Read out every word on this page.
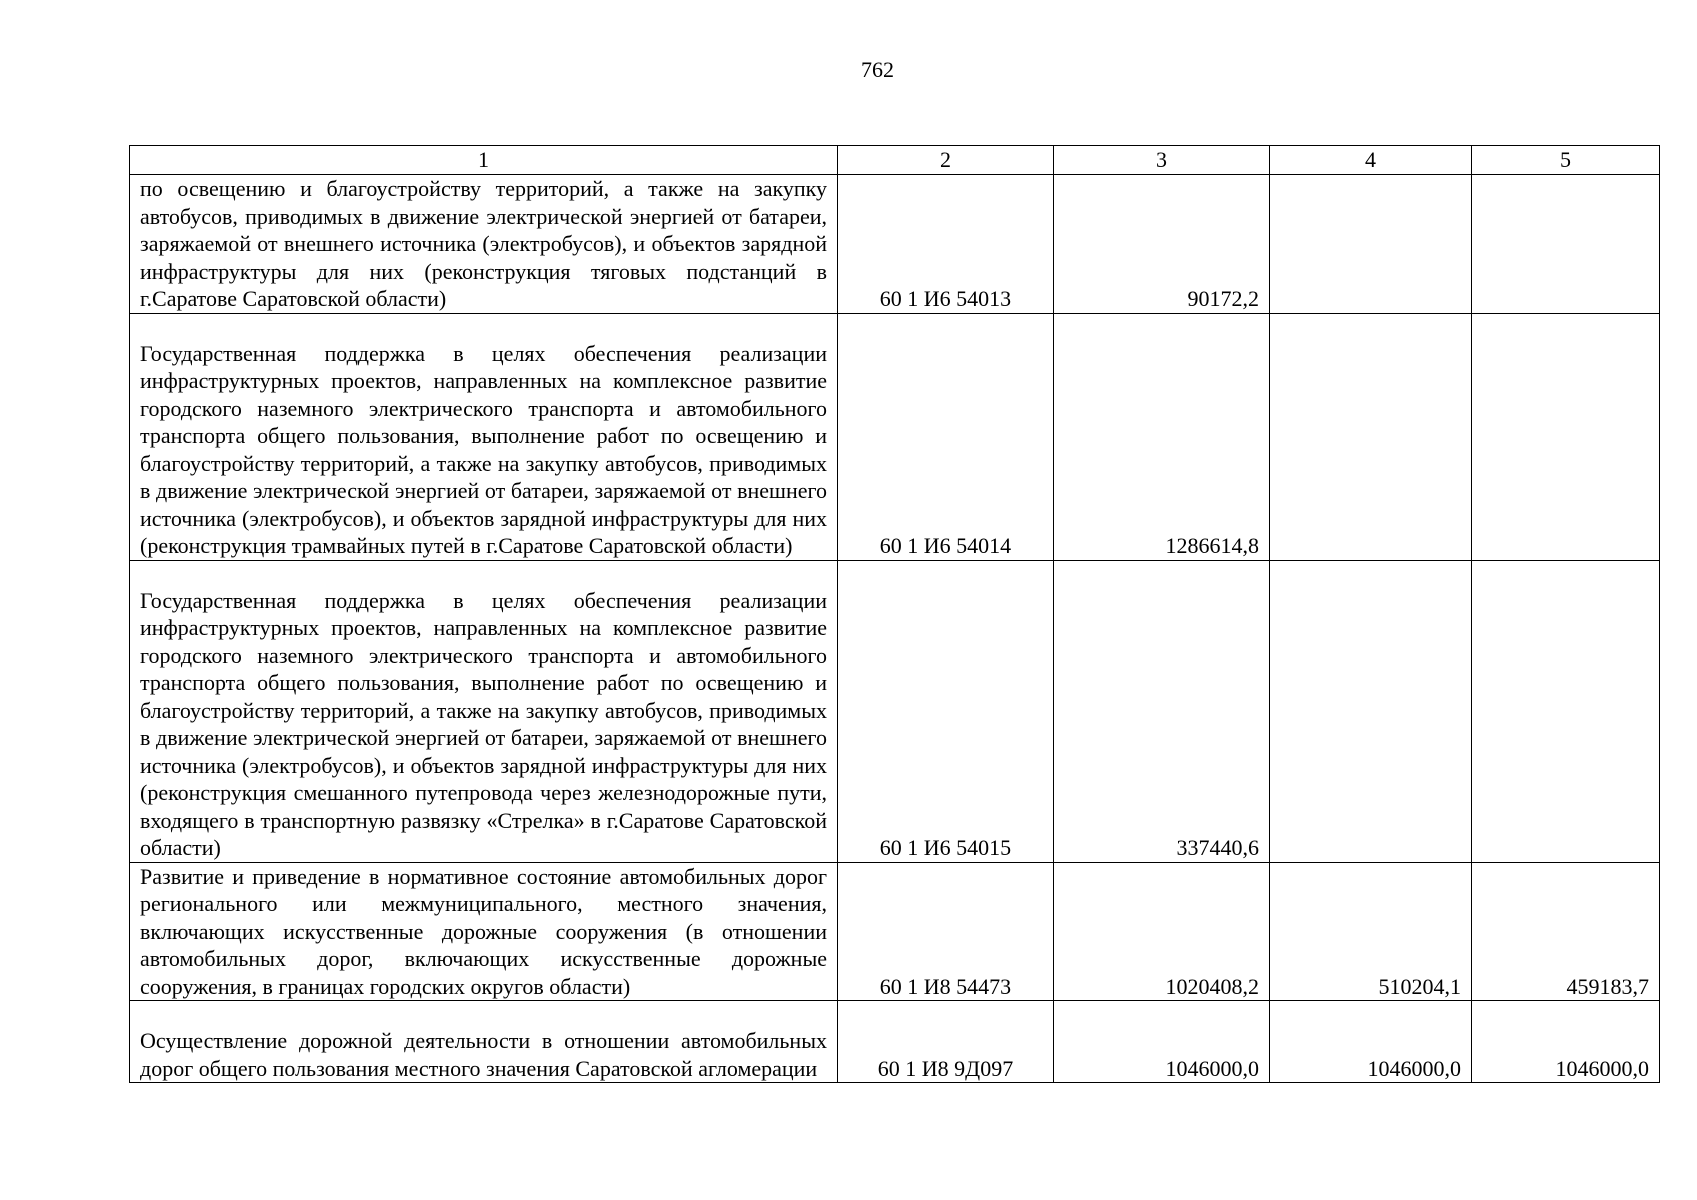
762
1	2	3	4	5
по освещению и благоустройству территорий, а также на закупку автобусов, приводимых в движение электрической энергией от батареи, заряжаемой от внешнего источника (электробусов), и объектов зарядной инфраструктуры для них (реконструкция тяговых подстанций в г.Саратове Саратовской области)	60 1 И6 54013	90172,2		
Государственная поддержка в целях обеспечения реализации инфраструктурных проектов, направленных на комплексное развитие городского наземного электрического транспорта и автомобильного транспорта общего пользования, выполнение работ по освещению и благоустройству территорий, а также на закупку автобусов, приводимых в движение электрической энергией от батареи, заряжаемой от внешнего источника (электробусов), и объектов зарядной инфраструктуры для них (реконструкция трамвайных путей в г.Саратове Саратовской области)	60 1 И6 54014	1286614,8		
Государственная поддержка в целях обеспечения реализации инфраструктурных проектов, направленных на комплексное развитие городского наземного электрического транспорта и автомобильного транспорта общего пользования, выполнение работ по освещению и благоустройству территорий, а также на закупку автобусов, приводимых в движение электрической энергией от батареи, заряжаемой от внешнего источника (электробусов), и объектов зарядной инфраструктуры для них (реконструкция смешанного путепровода через железнодорожные пути, входящего в транспортную развязку «Стрелка» в г.Саратове Саратовской области)	60 1 И6 54015	337440,6		
Развитие и приведение в нормативное состояние автомобильных дорог регионального или межмуниципального, местного значения, включающих искусственные дорожные сооружения (в отношении автомобильных дорог, включающих искусственные дорожные сооружения, в границах городских округов области)	60 1 И8 54473	1020408,2	510204,1	459183,7
Осуществление дорожной деятельности в отношении автомобильных дорог общего пользования местного значения Саратовской агломерации	60 1 И8 9Д097	1046000,0	1046000,0	1046000,0
